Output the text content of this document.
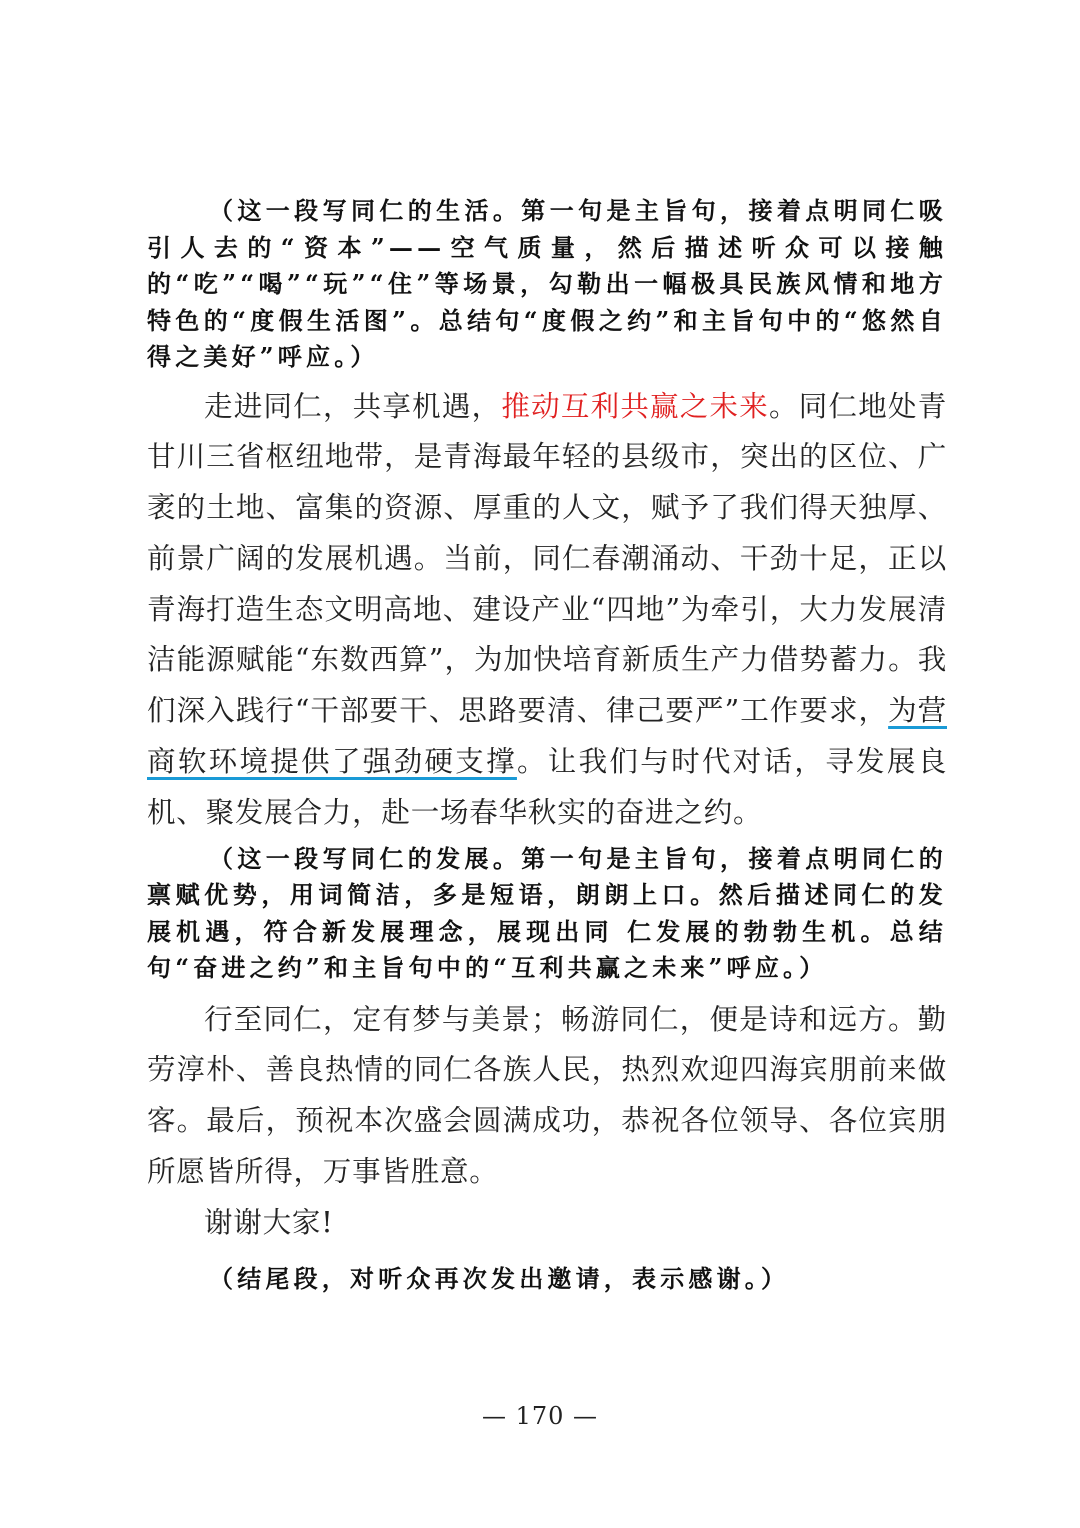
（这一段写同仁的生活。第一句是主旨句，接着点明同仁吸引人去的“资本”——空气质量，然后描述听众可以接触的“吃”“喝”“玩”“住”等场景，勾勒出一幅极具民族风情和地方特色的“度假生活图”。总结句“度假之约”和主旨句中的“悠然自得之美好”呼应。）

走进同仁，共享机遇，推动互利共赢之未来。同仁地处青甘川三省枢纽地带，是青海最年轻的县级市，突出的区位、广袤的土地、富集的资源、厚重的人文，赋予了我们得天独厚、前景广阔的发展机遇。当前，同仁春潮涌动、干劲十足，正以青海打造生态文明高地、建设产业“四地”为牵引，大力发展清洁能源赋能“东数西算”，为加快培育新质生产力借势蓄力。我们深入践行“干部要干、思路要清、律己要严”工作要求，为营商软环境提供了强劲硬支撑。让我们与时代对话，寻发展良机、聚发展合力，赴一场春华秋实的奋进之约。

（这一段写同仁的发展。第一句是主旨句，接着点明同仁的禀赋优势，用词简洁，多是短语，朗朗上口。然后描述同仁的发展机遇，符合新发展理念，展现出同 仁发展的勃勃生机。总结句“奋进之约”和主旨句中的“互利共赢之未来”呼应。）

行至同仁，定有梦与美景；畅游同仁，便是诗和远方。勤劳淳朴、善良热情的同仁各族人民，热烈欢迎四海宾朋前来做客。最后，预祝本次盛会圆满成功，恭祝各位领导、各位宾朋所愿皆所得，万事皆胜意。

谢谢大家!

（结尾段，对听众再次发出邀请，表示感谢。）

— 170 —
